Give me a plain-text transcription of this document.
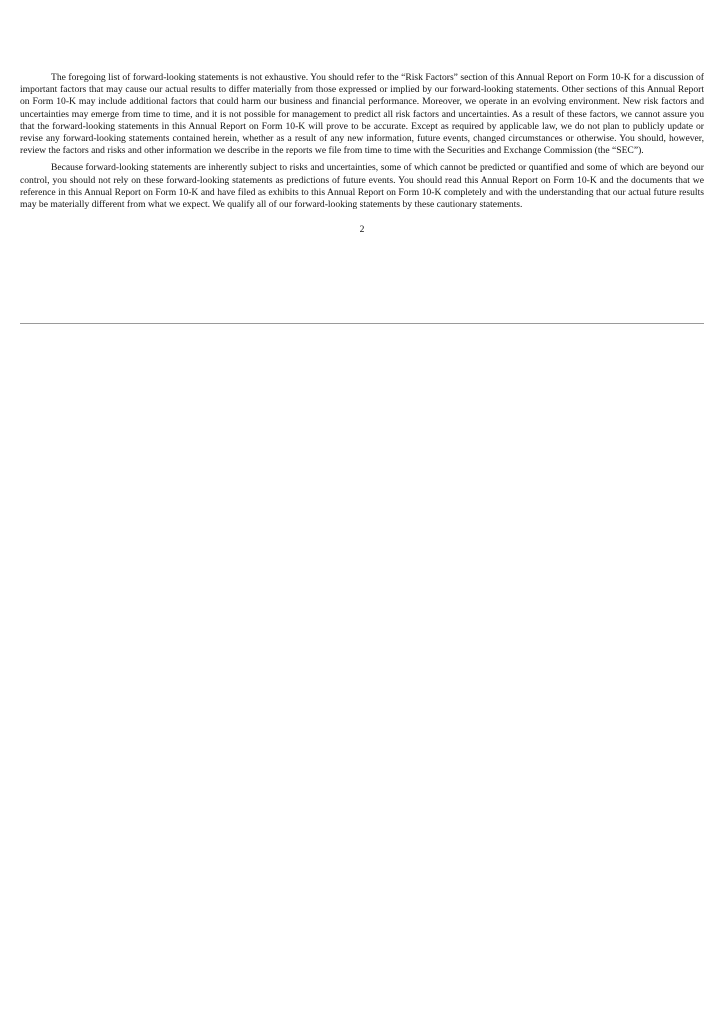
The foregoing list of forward-looking statements is not exhaustive. You should refer to the “Risk Factors” section of this Annual Report on Form 10-K for a discussion of important factors that may cause our actual results to differ materially from those expressed or implied by our forward-looking statements. Other sections of this Annual Report on Form 10-K may include additional factors that could harm our business and financial performance. Moreover, we operate in an evolving environment. New risk factors and uncertainties may emerge from time to time, and it is not possible for management to predict all risk factors and uncertainties. As a result of these factors, we cannot assure you that the forward-looking statements in this Annual Report on Form 10-K will prove to be accurate. Except as required by applicable law, we do not plan to publicly update or revise any forward-looking statements contained herein, whether as a result of any new information, future events, changed circumstances or otherwise. You should, however, review the factors and risks and other information we describe in the reports we file from time to time with the Securities and Exchange Commission (the “SEC”).

Because forward-looking statements are inherently subject to risks and uncertainties, some of which cannot be predicted or quantified and some of which are beyond our control, you should not rely on these forward-looking statements as predictions of future events. You should read this Annual Report on Form 10-K and the documents that we reference in this Annual Report on Form 10-K and have filed as exhibits to this Annual Report on Form 10-K completely and with the understanding that our actual future results may be materially different from what we expect. We qualify all of our forward-looking statements by these cautionary statements.

2
